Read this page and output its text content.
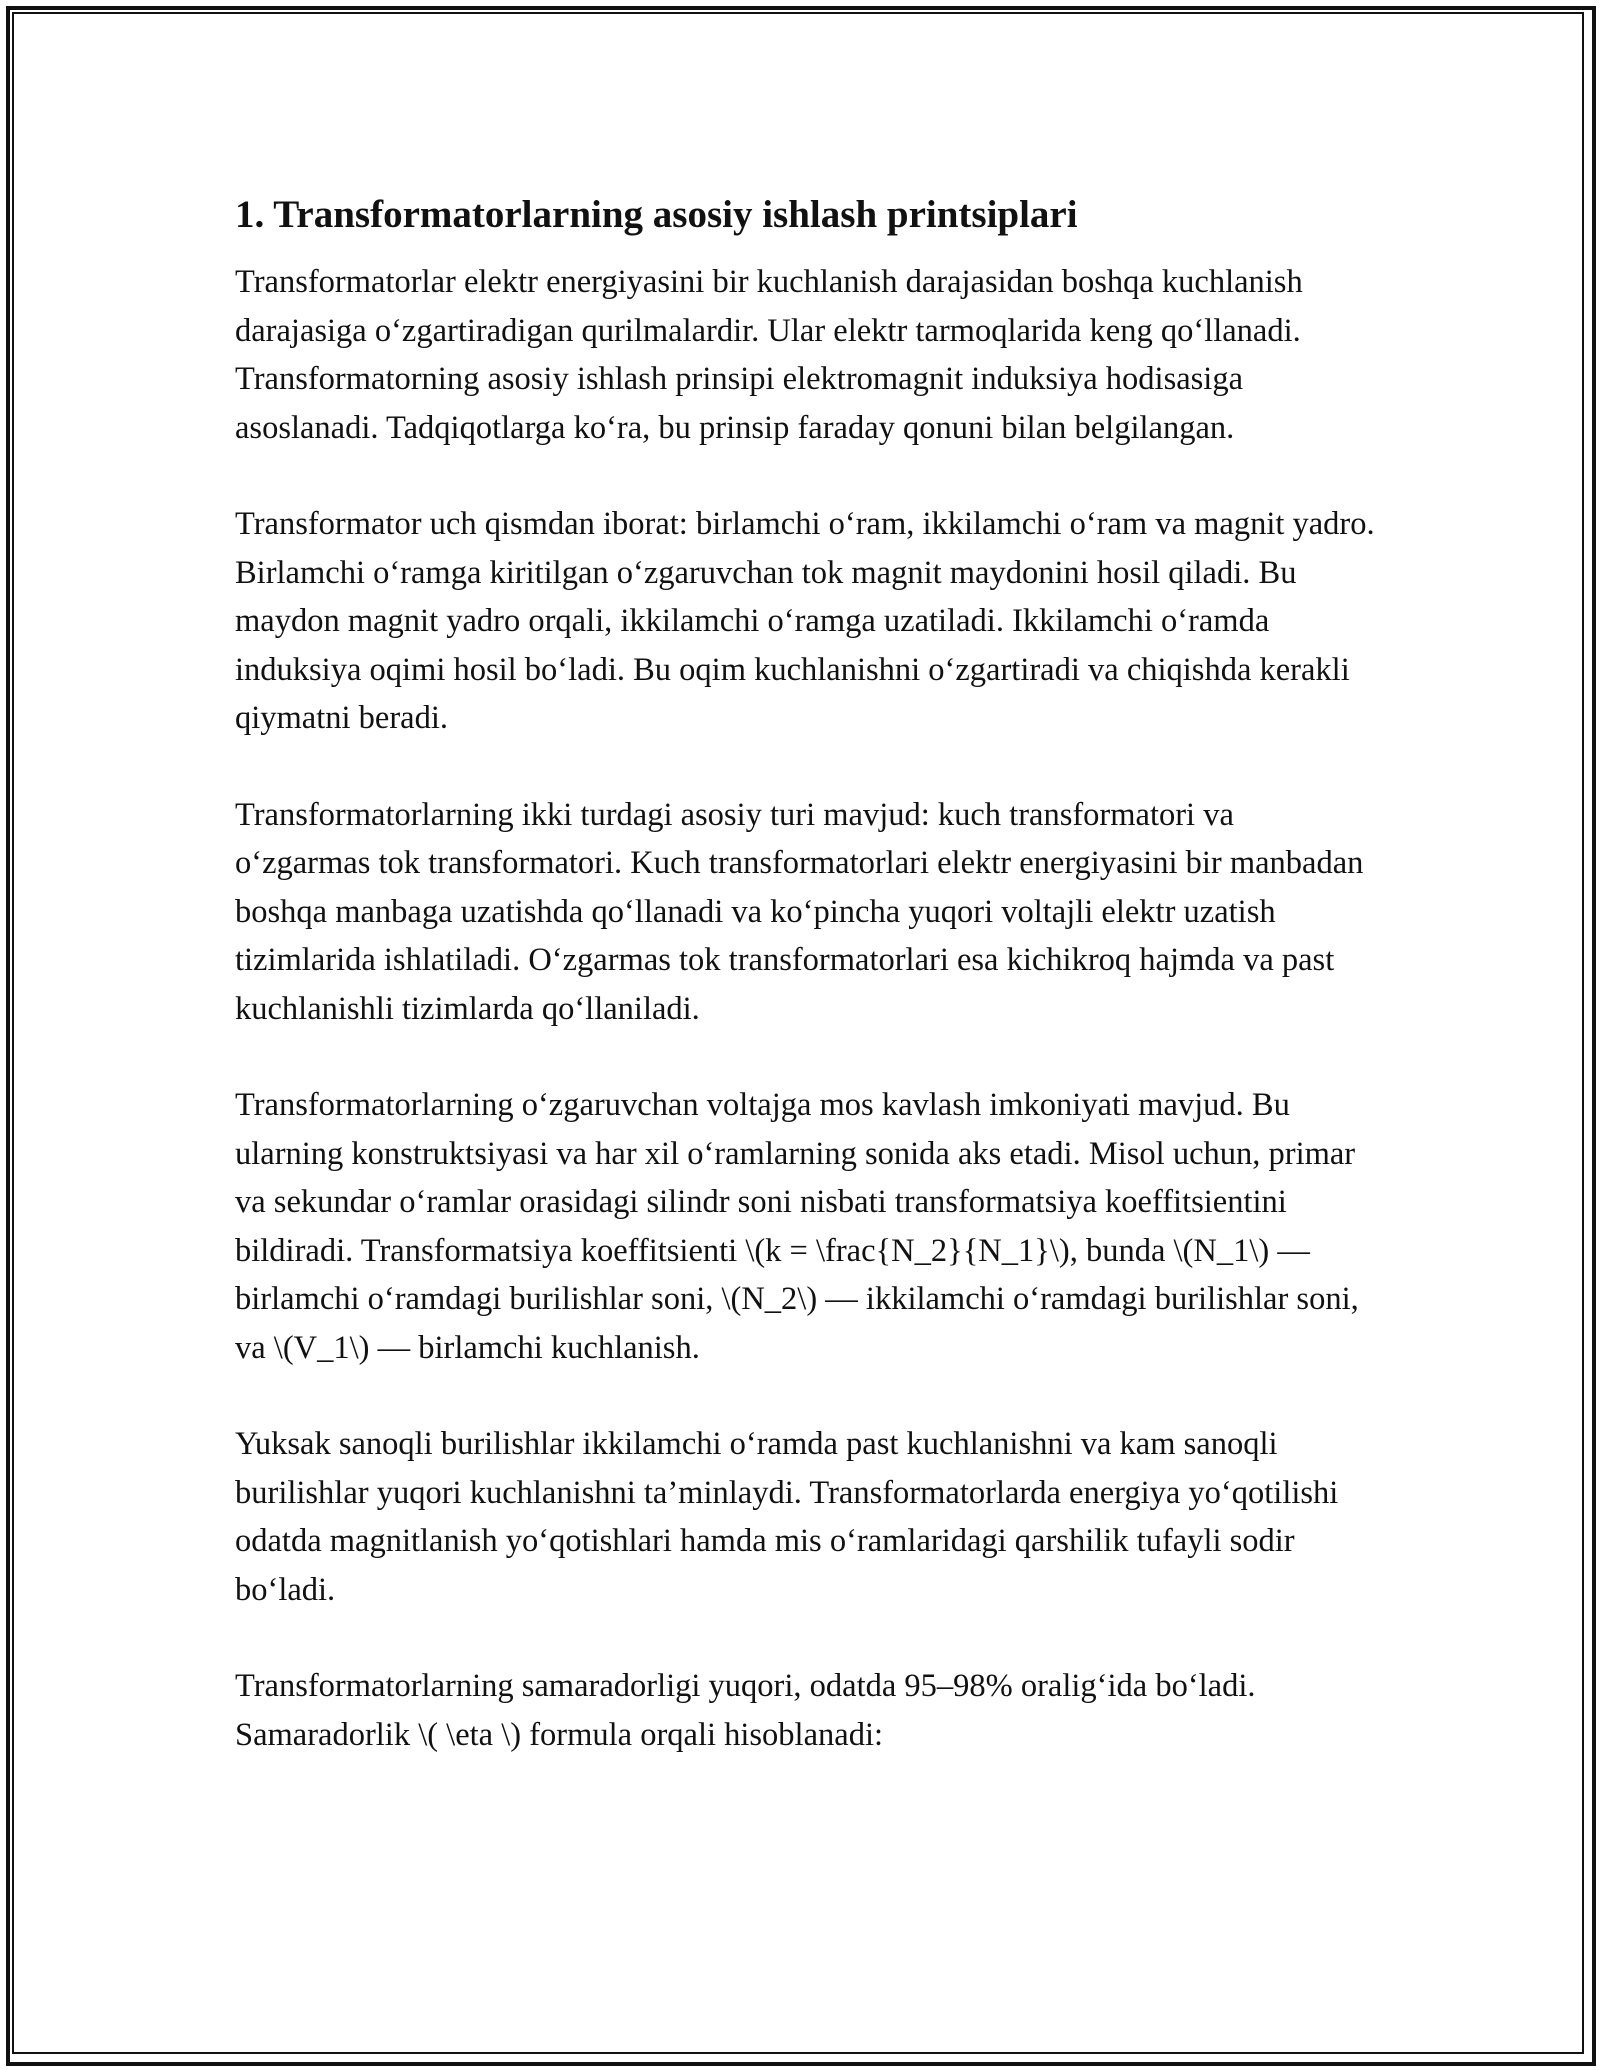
1. Transformatorlarning asosiy ishlash printsiplari

Transformatorlar elektr energiyasini bir kuchlanish darajasidan boshqa kuchlanish darajasiga o‘zgartiradigan qurilmalardir. Ular elektr tarmoqlarida keng qo‘llanadi. Transformatorning asosiy ishlash prinsipi elektromagnit induksiya hodisasiga asoslanadi. Tadqiqotlarga ko‘ra, bu prinsip faraday qonuni bilan belgilangan.

Transformator uch qismdan iborat: birlamchi o‘ram, ikkilamchi o‘ram va magnit yadro. Birlamchi o‘ramga kiritilgan o‘zgaruvchan tok magnit maydonini hosil qiladi. Bu maydon magnit yadro orqali, ikkilamchi o‘ramga uzatiladi. Ikkilamchi o‘ramda induksiya oqimi hosil bo‘ladi. Bu oqim kuchlanishni o‘zgartiradi va chiqishda kerakli qiymatni beradi.

Transformatorlarning ikki turdagi asosiy turi mavjud: kuch transformatori va o‘zgarmas tok transformatori. Kuch transformatorlari elektr energiyasini bir manbadan boshqa manbaga uzatishda qo‘llanadi va ko‘pincha yuqori voltajli elektr uzatish tizimlarida ishlatiladi. O‘zgarmas tok transformatorlari esa kichikroq hajmda va past kuchlanishli tizimlarda qo‘llaniladi.

Transformatorlarning o‘zgaruvchan voltajga mos kavlash imkoniyati mavjud. Bu ularning konstruktsiyasi va har xil o‘ramlarning sonida aks etadi. Misol uchun, primar va sekundar o‘ramlar orasidagi silindr soni nisbati transformatsiya koeffitsientini bildiradi. Transformatsiya koeffitsienti \(k = \frac{N_2}{N_1}\), bunda \(N_1\) — birlamchi o‘ramdagi burilishlar soni, \(N_2\) — ikkilamchi o‘ramdagi burilishlar soni, va \(V_1\) — birlamchi kuchlanish.

Yuksak sanoqli burilishlar ikkilamchi o‘ramda past kuchlanishni va kam sanoqli burilishlar yuqori kuchlanishni ta’minlaydi. Transformatorlarda energiya yo‘qotilishi odatda magnitlanish yo‘qotishlari hamda mis o‘ramlaridagi qarshilik tufayli sodir bo‘ladi.

Transformatorlarning samaradorligi yuqori, odatda 95–98% oralig‘ida bo‘ladi. Samaradorlik \( \eta \) formula orqali hisoblanadi:
